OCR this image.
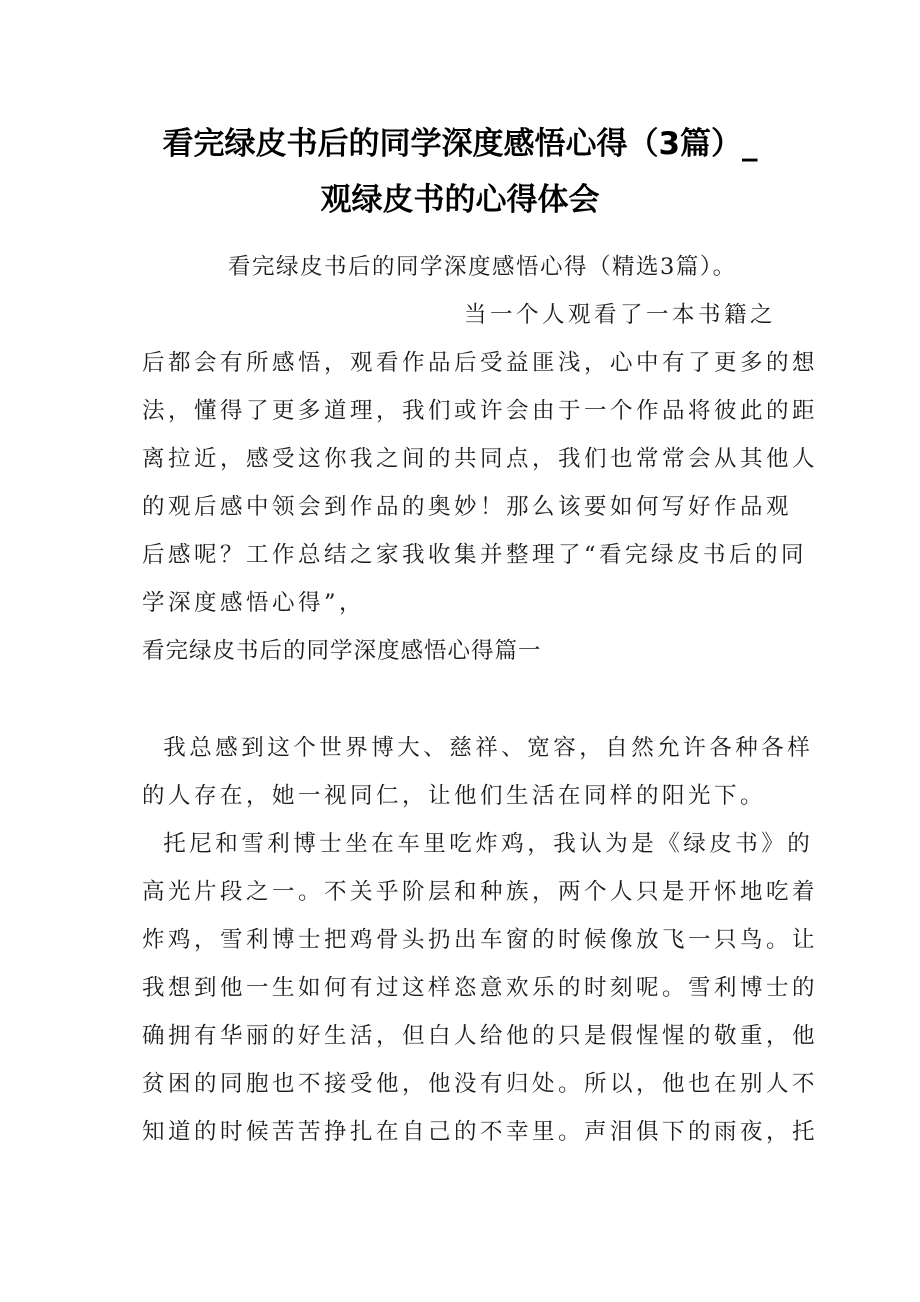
看完绿皮书后的同学深度感悟心得（3篇）_
观绿皮书的心得体会
看完绿皮书后的同学深度感悟心得（精选3篇）。
当一个人观看了一本书籍之
后都会有所感悟，观看作品后受益匪浅，心中有了更多的想
法，懂得了更多道理，我们或许会由于一个作品将彼此的距
离拉近，感受这你我之间的共同点，我们也常常会从其他人
的观后感中领会到作品的奥妙！那么该要如何写好作品观
后感呢？工作总结之家我收集并整理了“看完绿皮书后的同
学深度感悟心得”，
看完绿皮书后的同学深度感悟心得篇一
我总感到这个世界博大、慈祥、宽容，自然允许各种各样
的人存在，她一视同仁，让他们生活在同样的阳光下。
托尼和雪利博士坐在车里吃炸鸡，我认为是《绿皮书》的
高光片段之一。不关乎阶层和种族，两个人只是开怀地吃着
炸鸡，雪利博士把鸡骨头扔出车窗的时候像放飞一只鸟。让
我想到他一生如何有过这样恣意欢乐的时刻呢。雪利博士的
确拥有华丽的好生活，但白人给他的只是假惺惺的敬重，他
贫困的同胞也不接受他，他没有归处。所以，他也在别人不
知道的时候苦苦挣扎在自己的不幸里。声泪俱下的雨夜，托
